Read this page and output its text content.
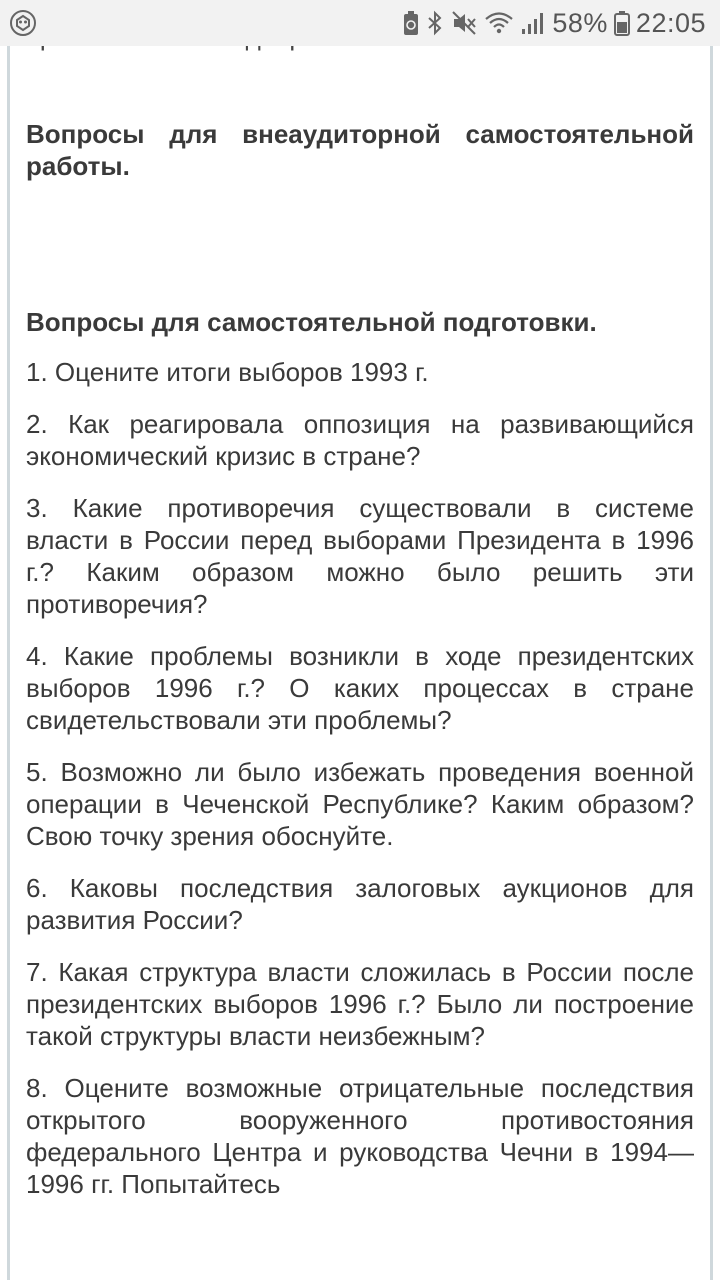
58% 22:05

Вопросы для внеаудиторной самостоятельной работы.

Вопросы для самостоятельной подготовки.

1. Оцените итоги выборов 1993 г.

2. Как реагировала оппозиция на развивающийся экономический кризис в стране?

3. Какие противоречия существовали в системе власти в России перед выборами Президента в 1996 г.? Каким образом можно было решить эти противоречия?

4. Какие проблемы возникли в ходе президентских выборов 1996 г.? О каких процессах в стране свидетельствовали эти проблемы?

5. Возможно ли было избежать проведения военной операции в Чеченской Республике? Каким образом? Свою точку зрения обоснуйте.

6. Каковы последствия залоговых аукционов для развития России?

7. Какая структура власти сложилась в России после президентских выборов 1996 г.? Было ли построение такой структуры власти неизбежным?

8. Оцените возможные отрицательные последствия открытого вооруженного противостояния федерального Центра и руководства Чечни в 1994—1996 гг. Попытайтесь
